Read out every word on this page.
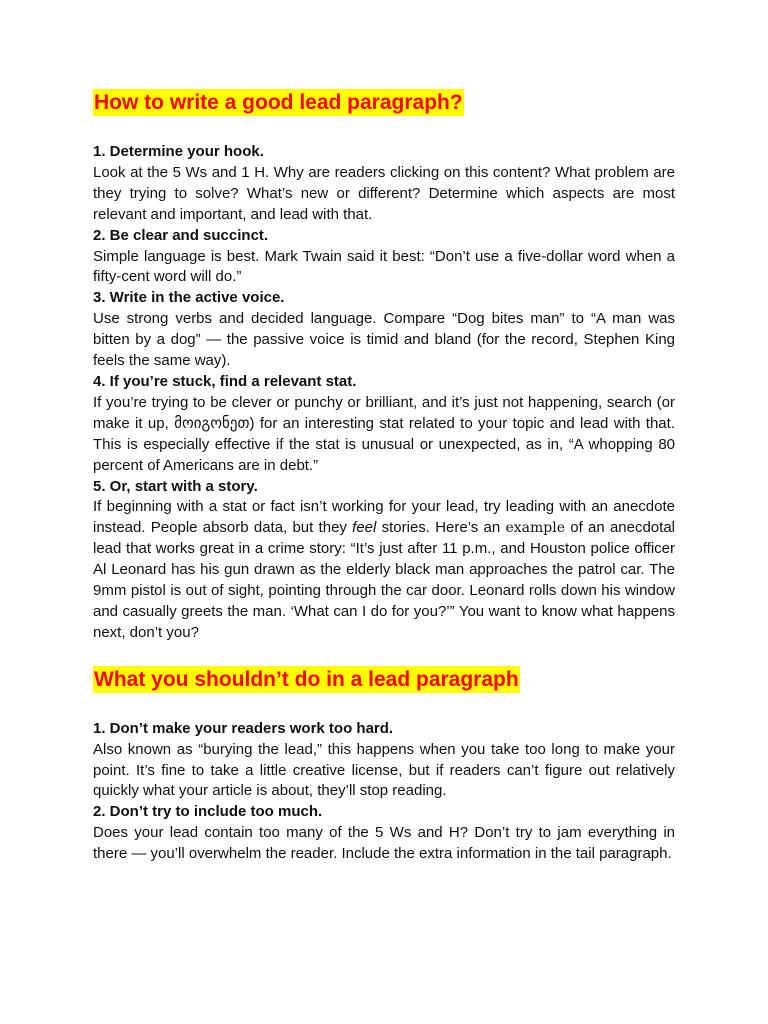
How to write a good lead paragraph?

1. Determine your hook.

Look at the 5 Ws and 1 H. Why are readers clicking on this content? What problem are they trying to solve? What’s new or different? Determine which aspects are most relevant and important, and lead with that.

2. Be clear and succinct.

Simple language is best. Mark Twain said it best: “Don’t use a five-dollar word when a fifty-cent word will do.”

3. Write in the active voice.

Use strong verbs and decided language. Compare “Dog bites man” to “A man was bitten by a dog” — the passive voice is timid and bland (for the record, Stephen King feels the same way).

4. If you’re stuck, find a relevant stat.

If you’re trying to be clever or punchy or brilliant, and it’s just not happening, search (or make it up, მოიგონეთ) for an interesting stat related to your topic and lead with that. This is especially effective if the stat is unusual or unexpected, as in, “A whopping 80 percent of Americans are in debt.”

5. Or, start with a story.

If beginning with a stat or fact isn’t working for your lead, try leading with an anecdote instead. People absorb data, but they feel stories. Here’s an example of an anecdotal lead that works great in a crime story: “It’s just after 11 p.m., and Houston police officer Al Leonard has his gun drawn as the elderly black man approaches the patrol car. The 9mm pistol is out of sight, pointing through the car door. Leonard rolls down his window and casually greets the man. ‘What can I do for you?’” You want to know what happens next, don’t you?

What you shouldn’t do in a lead paragraph

1. Don’t make your readers work too hard.

Also known as “burying the lead,” this happens when you take too long to make your point. It’s fine to take a little creative license, but if readers can’t figure out relatively quickly what your article is about, they’ll stop reading.

2. Don’t try to include too much.

Does your lead contain too many of the 5 Ws and H? Don’t try to jam everything in there — you’ll overwhelm the reader. Include the extra information in the tail paragraph.
